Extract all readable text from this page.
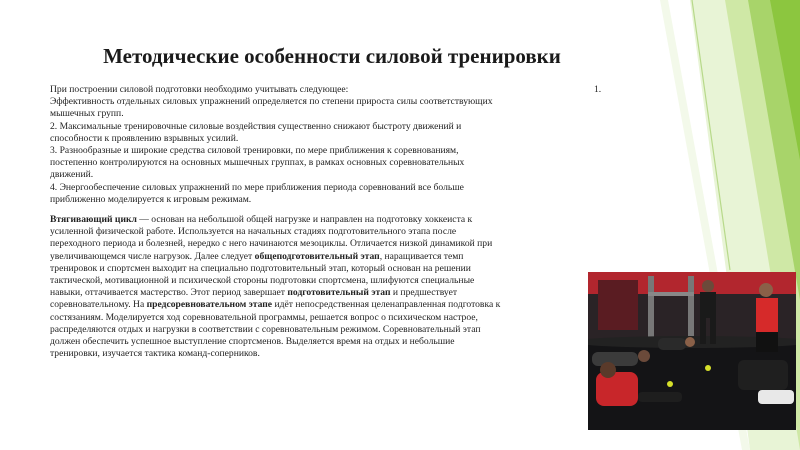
Методические особенности силовой тренировки
1.
При построении силовой подготовки необходимо учитывать следующее:
Эффективность отдельных силовых упражнений определяется по степени прироста силы соответствующих
мышечных групп.
2. Максимальные тренировочные силовые воздействия существенно снижают быстроту движений и
способности к проявлению взрывных усилий.
3. Разнообразные и широкие средства силовой тренировки, по мере приближения к соревнованиям,
постепенно контролируются на основных мышечных группах, в рамках основных соревновательных
движений.
4. Энергообеспечение силовых упражнений по мере приближения периода соревнований все больше
приближенно моделируется к игровым режимам.
Втягивающий цикл — основан на небольшой общей нагрузке и направлен на подготовку хоккеиста к
усиленной физической работе. Используется на начальных стадиях подготовительного этапа после
переходного периода и болезней, нередко с него начинаются мезоциклы. Отличается низкой динамикой при
увеличивающемся числе нагрузок. Далее следует общеподготовительный этап, наращивается темп
тренировок и спортсмен выходит на специально подготовительный этап, который основан на решении
тактической, мотивационной и психической стороны подготовки спортсмена, шлифуются специальные
навыки, оттачивается мастерство. Этот период завершает подготовительный этап и предшествует
соревновательному. На предсоревновательном этапе идёт непосредственная целенаправленная подготовка к
состязаниям. Моделируется ход соревновательной программы, решается вопрос о психическом настрое,
распределяются отдых и нагрузки в соответствии с соревновательным режимом. Соревновательный этап
должен обеспечить успешное выступление спортсменов. Выделяется время на отдых и небольшие
тренировки, изучается тактика команд-соперников.
